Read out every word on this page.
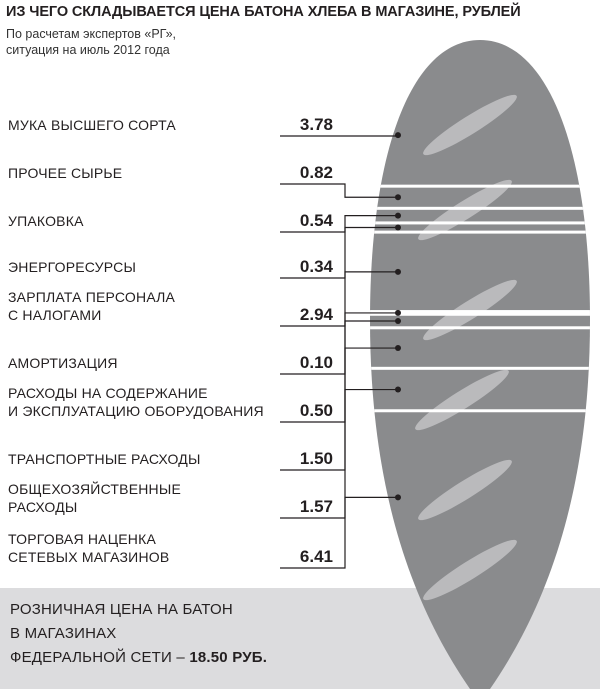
ИЗ ЧЕГО СКЛАДЫВАЕТСЯ ЦЕНА БАТОНА ХЛЕБА В МАГАЗИНЕ, РУБЛЕЙ
По расчетам экспертов «РГ»,
ситуация на июль 2012 года
МУКА ВЫСШЕГО СОРТА	3.78
ПРОЧЕЕ СЫРЬЕ	0.82
УПАКОВКА	0.54
ЭНЕРГОРЕСУРСЫ	0.34
ЗАРПЛАТА ПЕРСОНАЛА
С НАЛОГАМИ	2.94
АМОРТИЗАЦИЯ	0.10
РАСХОДЫ НА СОДЕРЖАНИЕ
И ЭКСПЛУАТАЦИЮ ОБОРУДОВАНИЯ 0.50
ТРАНСПОРТНЫЕ РАСХОДЫ	1.50
ОБЩЕХОЗЯЙСТВЕННЫЕ
РАСХОДЫ	1.57
ТОРГОВАЯ НАЦЕНКА
СЕТЕВЫХ МАГАЗИНОВ	6.41
РОЗНИЧНАЯ ЦЕНА НА БАТОН
В МАГАЗИНАХ
ФЕДЕРАЛЬНОЙ СЕТИ – 18.50 РУБ.
